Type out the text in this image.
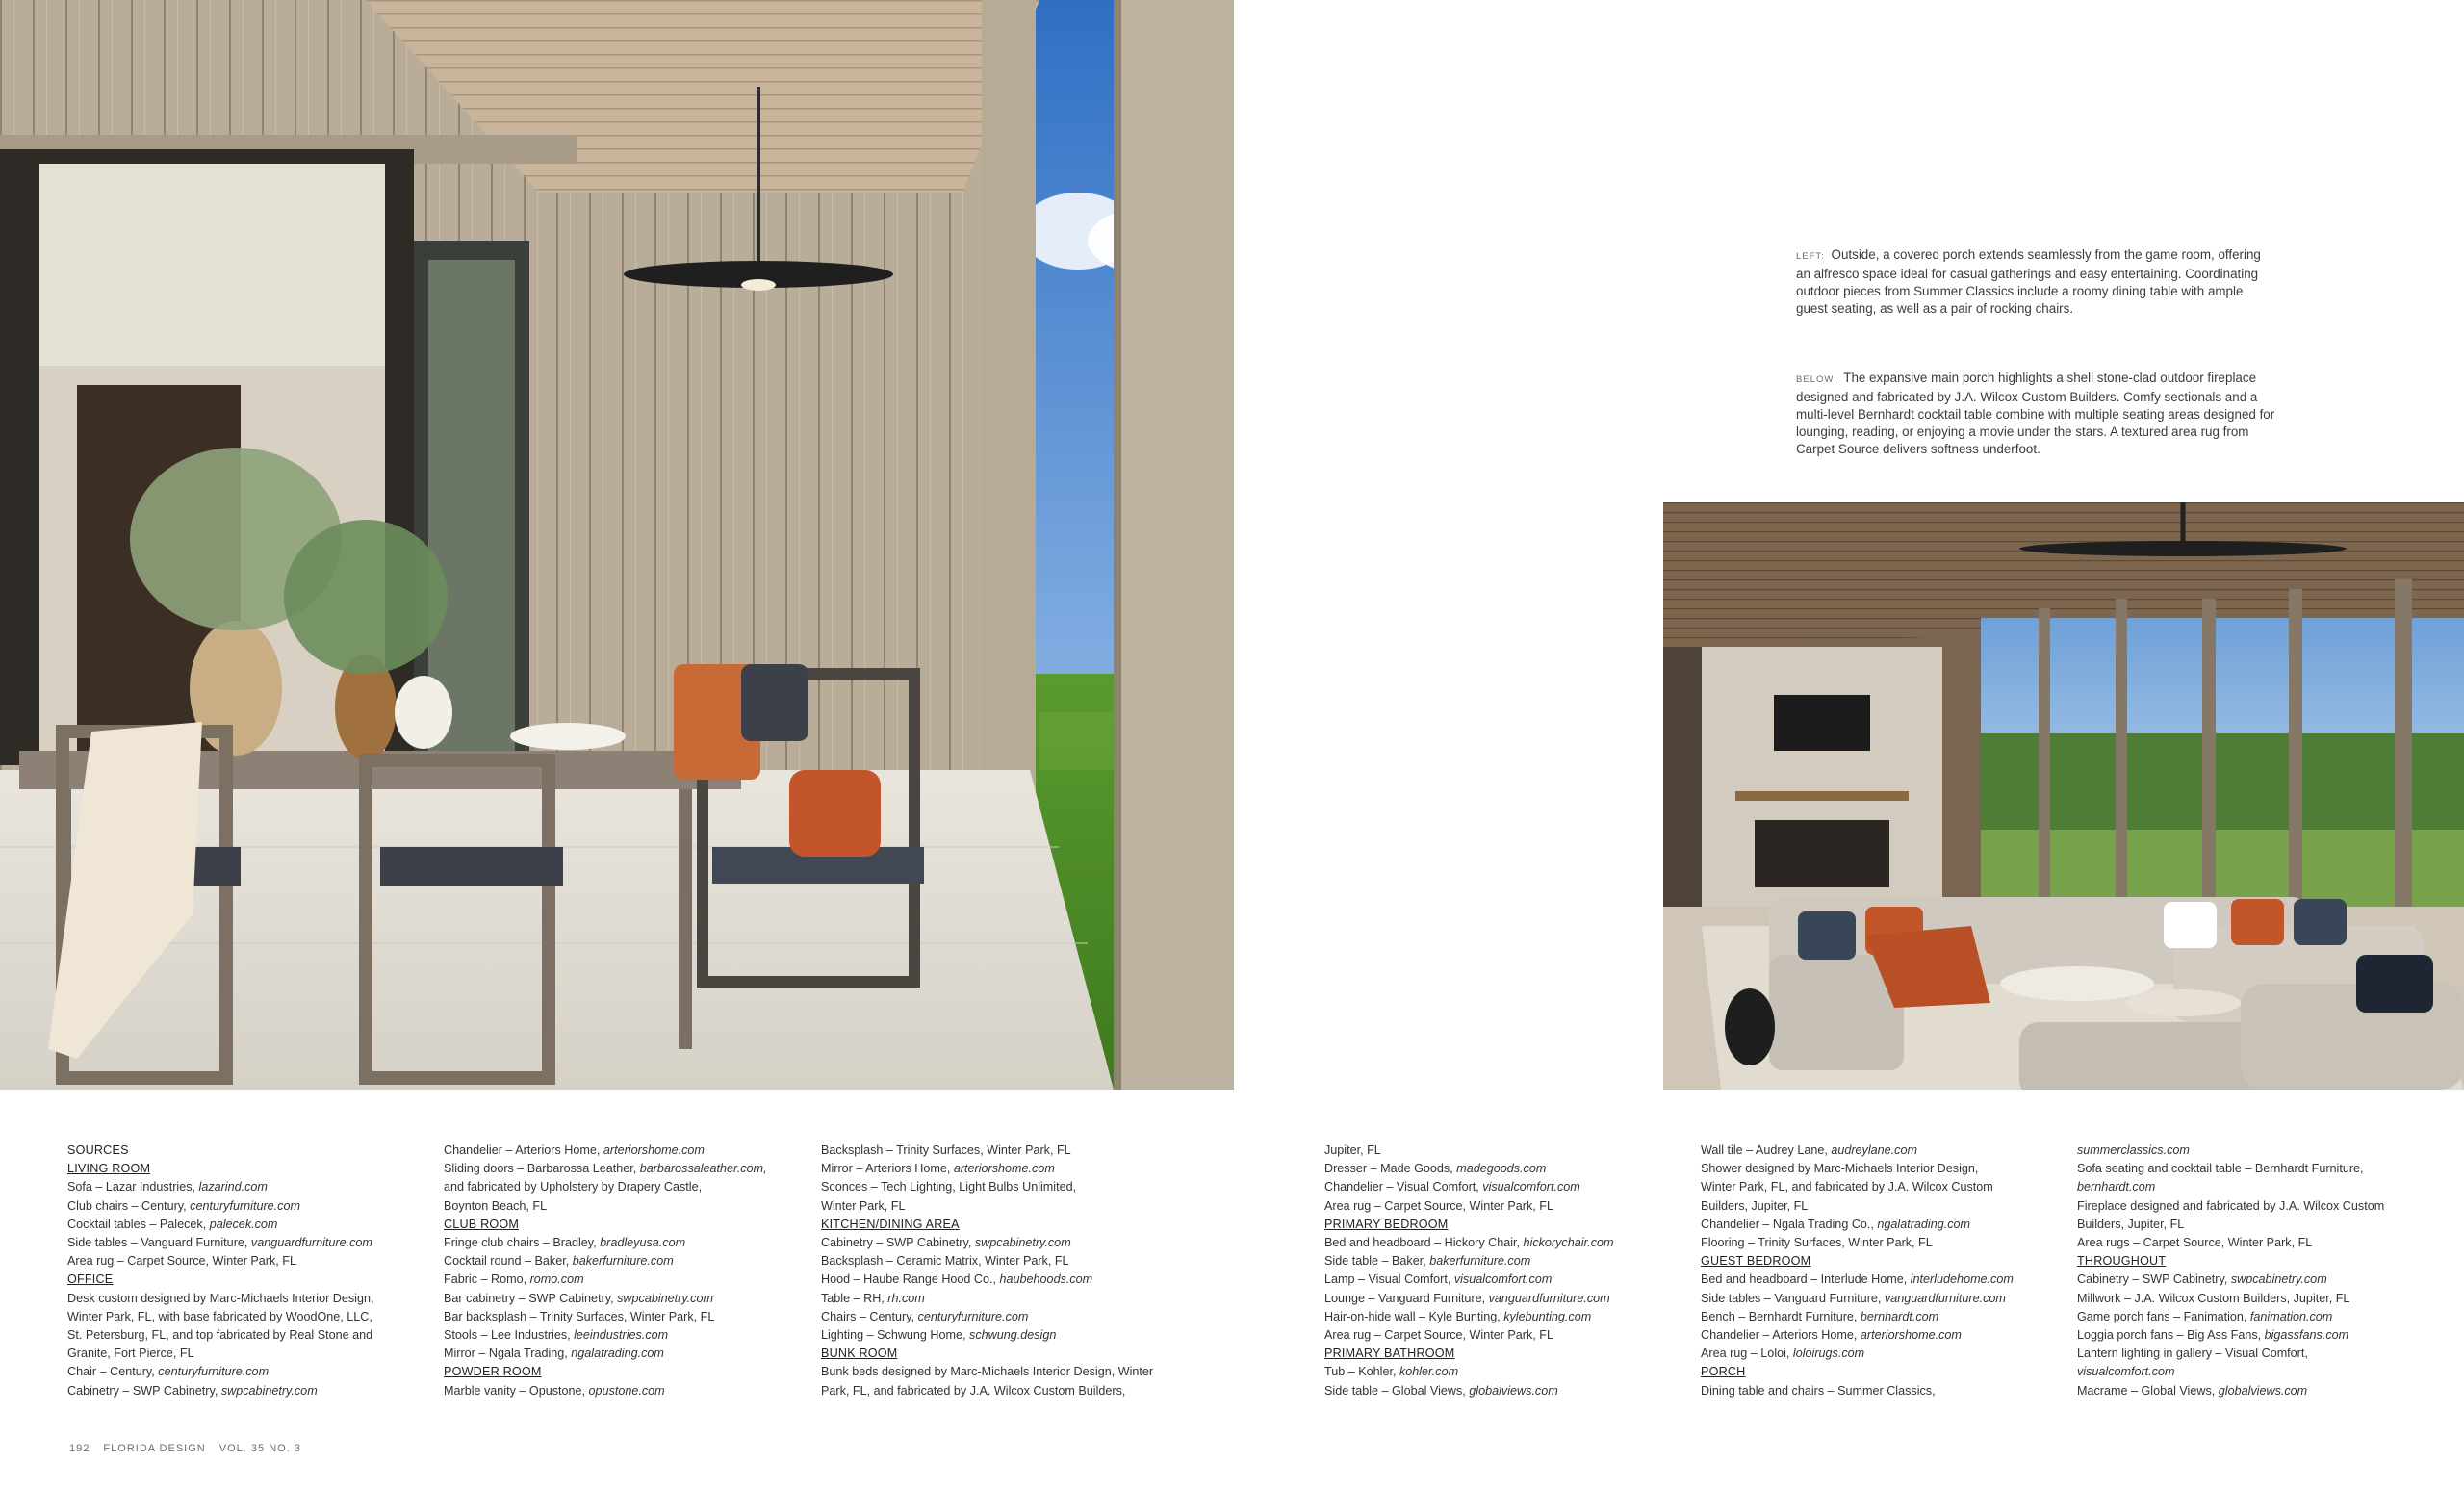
LEFT: Outside, a covered porch extends seamlessly from the game room, offering an alfresco space ideal for casual gatherings and easy entertaining. Coordinating outdoor pieces from Summer Classics include a roomy dining table with ample guest seating, as well as a pair of rocking chairs.

BELOW: The expansive main porch highlights a shell stone-clad outdoor fireplace designed and fabricated by J.A. Wilcox Custom Builders. Comfy sectionals and a multi-level Bernhardt cocktail table combine with multiple seating areas designed for lounging, reading, or enjoying a movie under the stars. A textured area rug from Carpet Source delivers softness underfoot.

SOURCES
LIVING ROOM
Sofa – Lazar Industries, lazarind.com
Club chairs – Century, centuryfurniture.com
Cocktail tables – Palecek, palecek.com
Side tables – Vanguard Furniture, vanguardfurniture.com
Area rug – Carpet Source, Winter Park, FL
OFFICE
Desk custom designed by Marc-Michaels Interior Design,
Winter Park, FL, with base fabricated by WoodOne, LLC,
St. Petersburg, FL, and top fabricated by Real Stone and
Granite, Fort Pierce, FL
Chair – Century, centuryfurniture.com
Cabinetry – SWP Cabinetry, swpcabinetry.com
Chandelier – Arteriors Home, arteriorshome.com
Sliding doors – Barbarossa Leather, barbarossaleather.com,
and fabricated by Upholstery by Drapery Castle,
Boynton Beach, FL
CLUB ROOM
Fringe club chairs – Bradley, bradleyusa.com
Cocktail round – Baker, bakerfurniture.com
Fabric – Romo, romo.com
Bar cabinetry – SWP Cabinetry, swpcabinetry.com
Bar backsplash – Trinity Surfaces, Winter Park, FL
Stools – Lee Industries, leeindustries.com
Mirror – Ngala Trading, ngalatrading.com
POWDER ROOM
Marble vanity – Opustone, opustone.com
Backsplash – Trinity Surfaces, Winter Park, FL
Mirror – Arteriors Home, arteriorshome.com
Sconces – Tech Lighting, Light Bulbs Unlimited,
Winter Park, FL
KITCHEN/DINING AREA
Cabinetry – SWP Cabinetry, swpcabinetry.com
Backsplash – Ceramic Matrix, Winter Park, FL
Hood – Haube Range Hood Co., haubehoods.com
Table – RH, rh.com
Chairs – Century, centuryfurniture.com
Lighting – Schwung Home, schwung.design
BUNK ROOM
Bunk beds designed by Marc-Michaels Interior Design, Winter
Park, FL, and fabricated by J.A. Wilcox Custom Builders,
Jupiter, FL
Dresser – Made Goods, madegoods.com
Chandelier – Visual Comfort, visualcomfort.com
Area rug – Carpet Source, Winter Park, FL
PRIMARY BEDROOM
Bed and headboard – Hickory Chair, hickorychair.com
Side table – Baker, bakerfurniture.com
Lamp – Visual Comfort, visualcomfort.com
Lounge – Vanguard Furniture, vanguardfurniture.com
Hair-on-hide wall – Kyle Bunting, kylebunting.com
Area rug – Carpet Source, Winter Park, FL
PRIMARY BATHROOM
Tub – Kohler, kohler.com
Side table – Global Views, globalviews.com
Wall tile – Audrey Lane, audreylane.com
Shower designed by Marc-Michaels Interior Design,
Winter Park, FL, and fabricated by J.A. Wilcox Custom
Builders, Jupiter, FL
Chandelier – Ngala Trading Co., ngalatrading.com
Flooring – Trinity Surfaces, Winter Park, FL
GUEST BEDROOM
Bed and headboard – Interlude Home, interludehome.com
Side tables – Vanguard Furniture, vanguardfurniture.com
Bench – Bernhardt Furniture, bernhardt.com
Chandelier – Arteriors Home, arteriorshome.com
Area rug – Loloi, loloirugs.com
PORCH
Dining table and chairs – Summer Classics,
summerclassics.com
Sofa seating and cocktail table – Bernhardt Furniture,
bernhardt.com
Fireplace designed and fabricated by J.A. Wilcox Custom
Builders, Jupiter, FL
Area rugs – Carpet Source, Winter Park, FL
THROUGHOUT
Cabinetry – SWP Cabinetry, swpcabinetry.com
Millwork – J.A. Wilcox Custom Builders, Jupiter, FL
Game porch fans – Fanimation, fanimation.com
Loggia porch fans – Big Ass Fans, bigassfans.com
Lantern lighting in gallery – Visual Comfort,
visualcomfort.com
Macrame – Global Views, globalviews.com
192 FLORIDA DESIGN VOL. 35 NO. 3
